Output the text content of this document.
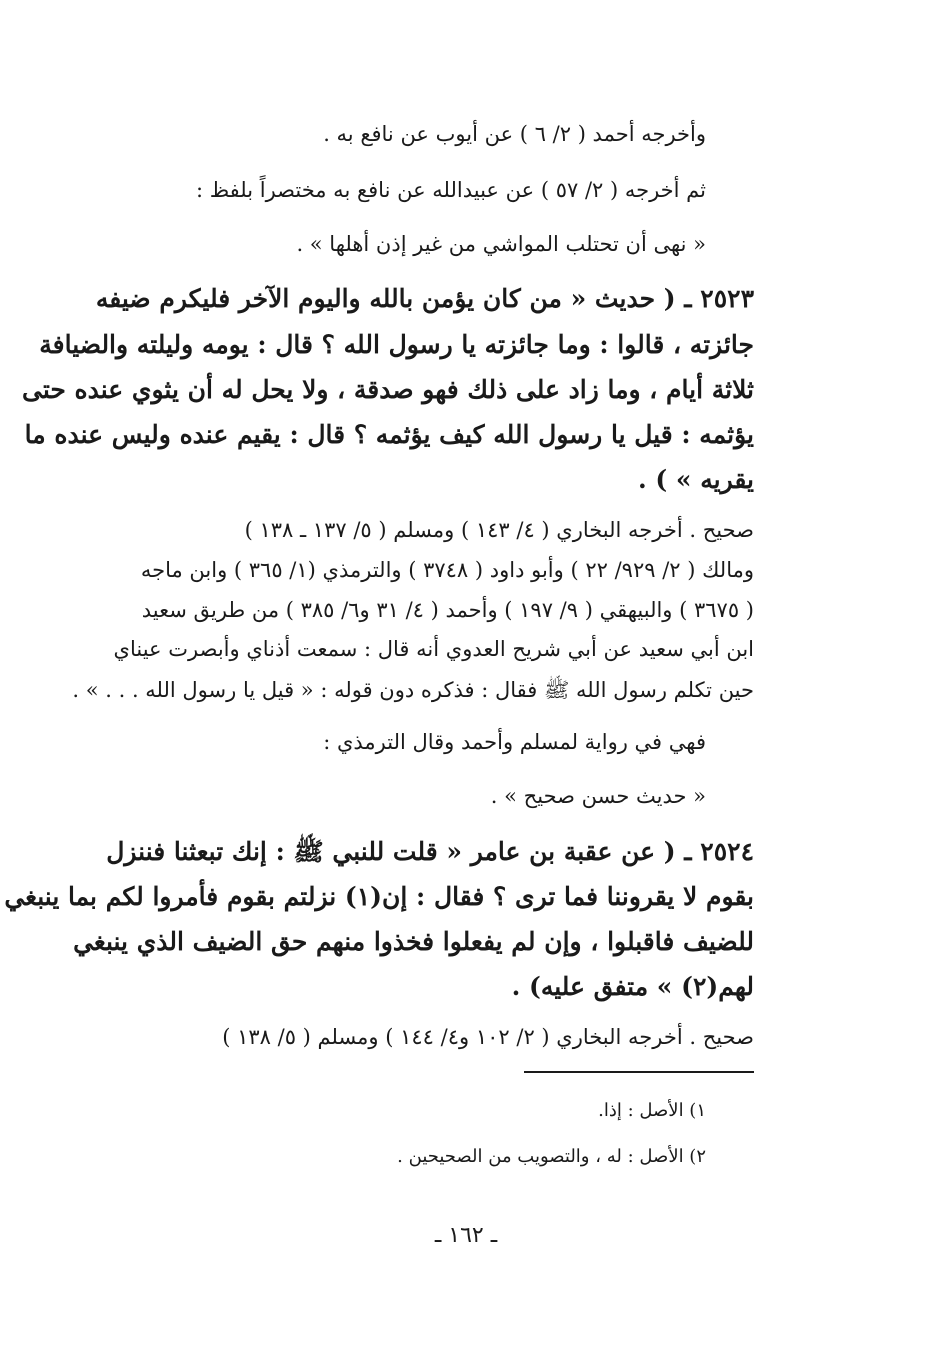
وأخرجه أحمد ( ٢/ ٦ ) عن أيوب عن نافع به .
ثم أخرجه ( ٢/ ٥٧ ) عن عبيدالله عن نافع به مختصراً بلفظ :
« نهى أن تحتلب المواشي من غير إذن أهلها » .
٢٥٢٣ ـ ( حديث « من كان يؤمن بالله واليوم الآخر فليكرم ضيفه
جائزته ، قالوا : وما جائزته يا رسول الله ؟ قال : يومه وليلته والضيافة
ثلاثة أيام ، وما زاد على ذلك فهو صدقة ، ولا يحل له أن يثوي عنده حتى
يؤثمه : قيل يا رسول الله كيف يؤثمه ؟ قال : يقيم عنده وليس عنده ما
يقريه » ) .
صحيح . أخرجه البخاري ( ٤/ ١٤٣ ) ومسلم ( ٥/ ١٣٧ ـ ١٣٨ )
ومالك ( ٢/ ٩٢٩/ ٢٢ ) وأبو داود ( ٣٧٤٨ ) والترمذي (١/ ٣٦٥ ) وابن ماجه
( ٣٦٧٥ ) والبيهقي ( ٩/ ١٩٧ ) وأحمد ( ٤/ ٣١ و٦/ ٣٨٥ ) من طريق سعيد
ابن أبي سعيد عن أبي شريح العدوي أنه قال : سمعت أذناي وأبصرت عيناي
حين تكلم رسول الله ﷺ فقال : فذكره دون قوله : « قيل يا رسول الله . . . » .
فهي في رواية لمسلم وأحمد وقال الترمذي :
« حديث حسن صحيح » .
٢٥٢٤ ـ ( عن عقبة بن عامر « قلت للنبي ﷺ : إنك تبعثنا فننزل
بقوم لا يقروننا فما ترى ؟ فقال : إن(١) نزلتم بقوم فأمروا لكم بما ينبغي
للضيف فاقبلوا ، وإن لم يفعلوا فخذوا منهم حق الضيف الذي ينبغي
لهم(٢) » متفق عليه) .
صحيح . أخرجه البخاري ( ٢/ ١٠٢ و٤/ ١٤٤ ) ومسلم ( ٥/ ١٣٨ )
١) الأصل : إذا.
٢) الأصل : له ، والتصويب من الصحيحين .
ـ ١٦٢ ـ
